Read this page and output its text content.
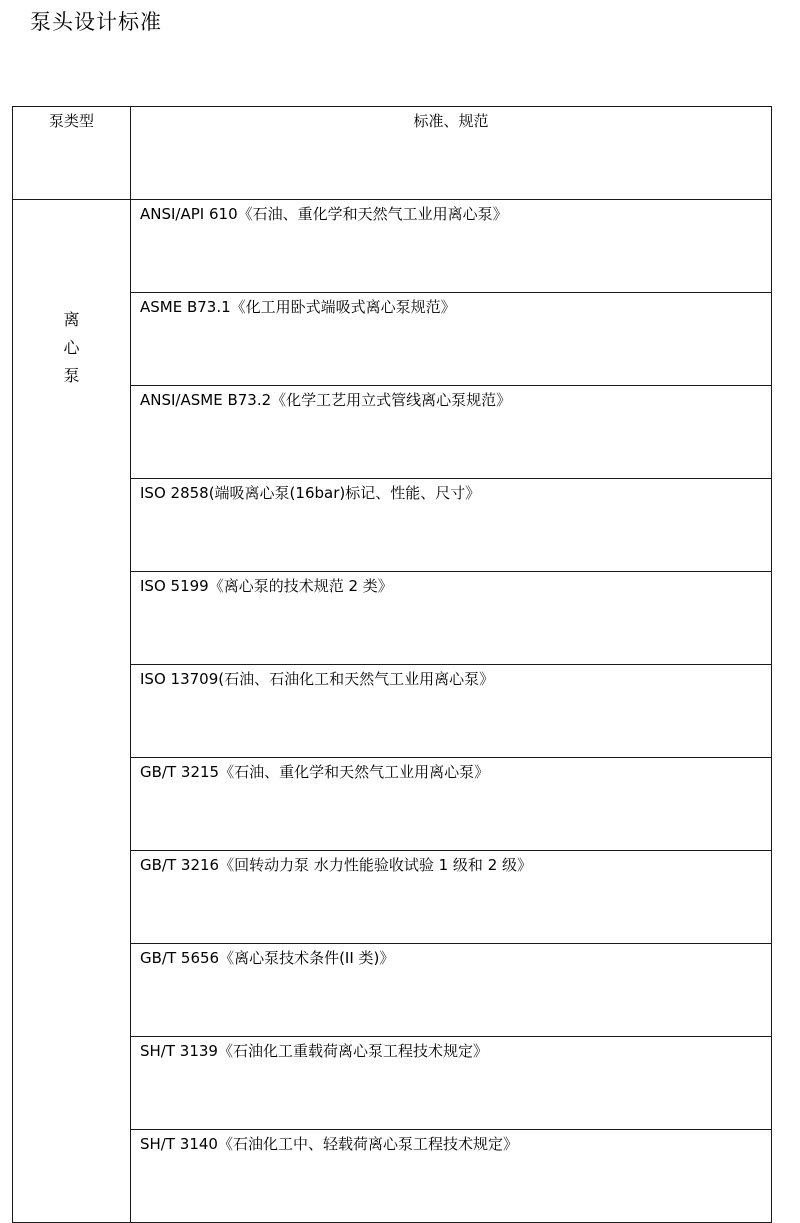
泵头设计标准
泵类型	标准、规范

离
心
泵	ANSI/API 610《石油、重化学和天然气工业用离心泵》
	ASME B73.1《化工用卧式端吸式离心泵规范》
	ANSI/ASME B73.2《化学工艺用立式管线离心泵规范》
	ISO 2858(端吸离心泵(16bar)标记、性能、尺寸》
	ISO 5199《离心泵的技术规范 2 类》
	ISO 13709(石油、石油化工和天然气工业用离心泵》
	GB/T 3215《石油、重化学和天然气工业用离心泵》
	GB/T 3216《回转动力泵 水力性能验收试验 1 级和 2 级》
	GB/T 5656《离心泵技术条件(II 类)》
	SH/T 3139《石油化工重载荷离心泵工程技术规定》
	SH/T 3140《石油化工中、轻载荷离心泵工程技术规定》
